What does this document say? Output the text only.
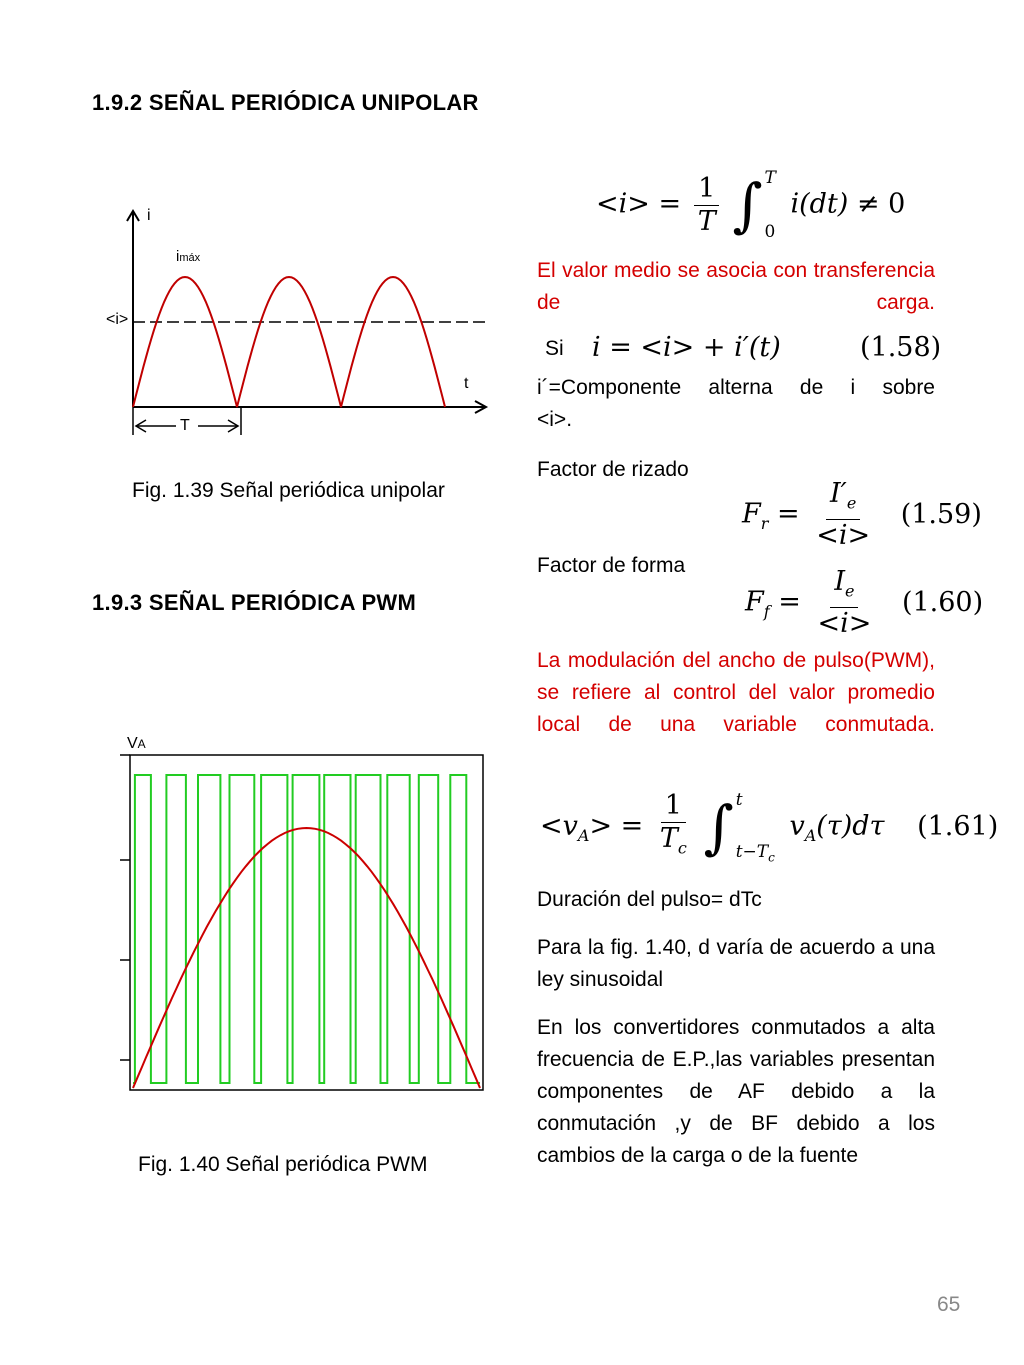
1.9.2 SEÑAL PERIÓDICA UNIPOLAR
i
imáx
<i>
t
T
Fig. 1.39 Señal periódica unipolar
$<i> = \frac{1}{T}$
∫ T
0
i(dt) ≠ 0
El valor medio se asocia con transferencia de carga.
Si i = <i> + i′(t)	(1.58)
i´=Componente alterna de i sobre
<i>.
Factor de rizado
$F_r = \frac{I'_e}{<i>} (1.59)$
Factor de forma
$F_f = \frac{I_e}{<i>} (1.60)$
1.9.3 SEÑAL PERIÓDICA PWM
La modulación del ancho de pulso(PWM), se refiere al control del valor promedio local de una variable conmutada.
$<v_A> = \frac{1}{T_c}$
∫ t
$t-T_c$
$v_A(\tau)d\tau$ (1.61)
VA
Fig. 1.40 Señal periódica PWM
Duración del pulso= dTc
Para la fig. 1.40, d varía de acuerdo a una ley sinusoidal
En los convertidores conmutados a alta frecuencia de E.P.,las variables presentan componentes de AF debido a la conmutación ,y de BF debido a los cambios de la carga o de la fuente
65
